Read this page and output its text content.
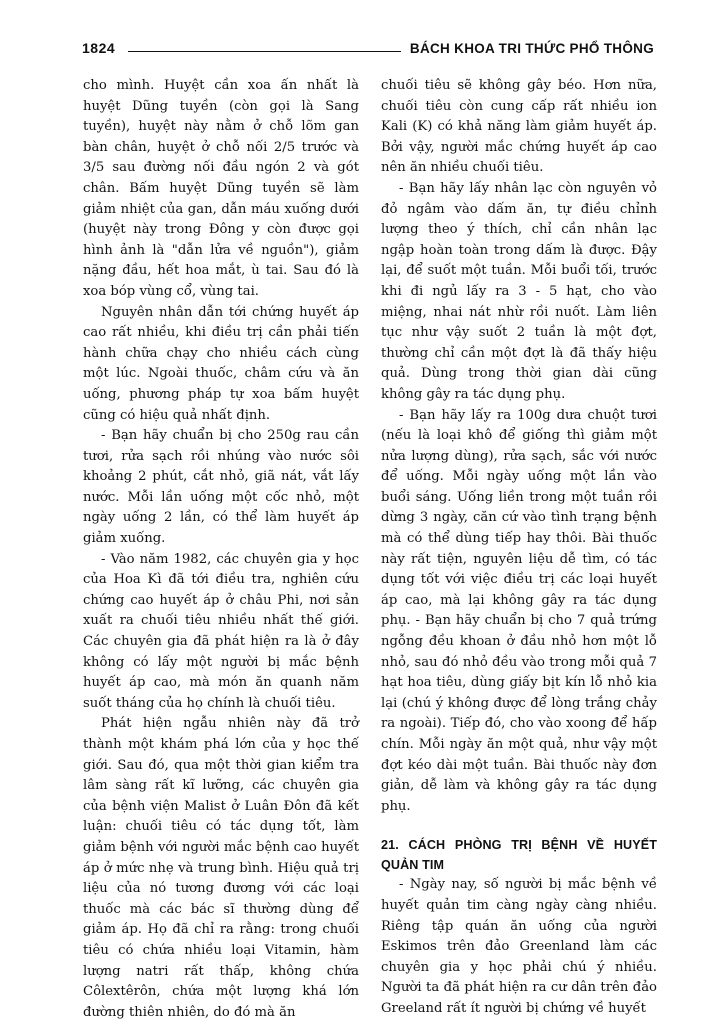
1824	BÁCH KHOA TRI THỨC PHỔ THÔNG

cho mình. Huyệt cần xoa ấn nhất là huyệt Dũng tuyền (còn gọi là Sang tuyền), huyệt này nằm ở chỗ lõm gan bàn chân, huyệt ở chỗ nối 2/5 trước và 3/5 sau đường nối đầu ngón 2 và gót chân. Bấm huyệt Dũng tuyền sẽ làm giảm nhiệt của gan, dẫn máu xuống dưới (huyệt này trong Đông y còn được gọi hình ảnh là "dẫn lửa về nguồn"), giảm nặng đầu, hết hoa mắt, ù tai. Sau đó là xoa bóp vùng cổ, vùng tai.

Nguyên nhân dẫn tới chứng huyết áp cao rất nhiều, khi điều trị cần phải tiến hành chữa chạy cho nhiều cách cùng một lúc. Ngoài thuốc, châm cứu và ăn uống, phương pháp tự xoa bấm huyệt cũng có hiệu quả nhất định.

- Bạn hãy chuẩn bị cho 250g rau cần tươi, rửa sạch rồi nhúng vào nước sôi khoảng 2 phút, cắt nhỏ, giã nát, vắt lấy nước. Mỗi lần uống một cốc nhỏ, một ngày uống 2 lần, có thể làm huyết áp giảm xuống.

- Vào năm 1982, các chuyên gia y học của Hoa Kì đã tới điều tra, nghiên cứu chứng cao huyết áp ở châu Phi, nơi sản xuất ra chuối tiêu nhiều nhất thế giới. Các chuyên gia đã phát hiện ra là ở đây không có lấy một người bị mắc bệnh huyết áp cao, mà món ăn quanh năm suốt tháng của họ chính là chuối tiêu.

Phát hiện ngẫu nhiên này đã trở thành một khám phá lớn của y học thế giới. Sau đó, qua một thời gian kiểm tra lâm sàng rất kĩ lưỡng, các chuyên gia của bệnh viện Malist ở Luân Đôn đã kết luận: chuối tiêu có tác dụng tốt, làm giảm bệnh với người mắc bệnh cao huyết áp ở mức nhẹ và trung bình. Hiệu quả trị liệu của nó tương đương với các loại thuốc mà các bác sĩ thường dùng để giảm áp. Họ đã chỉ ra rằng: trong chuối tiêu có chứa nhiều loại Vitamin, hàm lượng natri rất thấp, không chứa Côlextêrôn, chứa một lượng khá lớn đường thiên nhiên, do đó mà ăn

chuối tiêu sẽ không gây béo. Hơn nữa, chuối tiêu còn cung cấp rất nhiều ion Kali (K) có khả năng làm giảm huyết áp. Bởi vậy, người mắc chứng huyết áp cao nên ăn nhiều chuối tiêu.

- Bạn hãy lấy nhân lạc còn nguyên vỏ đỏ ngâm vào dấm ăn, tự điều chỉnh lượng theo ý thích, chỉ cần nhân lạc ngập hoàn toàn trong dấm là được. Đậy lại, để suốt một tuần. Mỗi buổi tối, trước khi đi ngủ lấy ra 3 - 5 hạt, cho vào miệng, nhai nát nhừ rồi nuốt. Làm liên tục như vậy suốt 2 tuần là một đợt, thường chỉ cần một đợt là đã thấy hiệu quả. Dùng trong thời gian dài cũng không gây ra tác dụng phụ.

- Bạn hãy lấy ra 100g dưa chuột tươi (nếu là loại khô để giống thì giảm một nửa lượng dùng), rửa sạch, sắc với nước để uống. Mỗi ngày uống một lần vào buổi sáng. Uống liền trong một tuần rồi dừng 3 ngày, căn cứ vào tình trạng bệnh mà có thể dùng tiếp hay thôi. Bài thuốc này rất tiện, nguyên liệu dễ tìm, có tác dụng tốt với việc điều trị các loại huyết áp cao, mà lại không gây ra tác dụng phụ. - Bạn hãy chuẩn bị cho 7 quả trứng ngỗng đều khoan ở đầu nhỏ hơn một lỗ nhỏ, sau đó nhỏ đều vào trong mỗi quả 7 hạt hoa tiêu, dùng giấy bịt kín lỗ nhỏ kia lại (chú ý không được để lòng trắng chảy ra ngoài). Tiếp đó, cho vào xoong để hấp chín. Mỗi ngày ăn một quả, như vậy một đợt kéo dài một tuần. Bài thuốc này đơn giản, dễ làm và không gây ra tác dụng phụ.

21. CÁCH PHÒNG TRỊ BỆNH VỀ HUYẾT QUẢN TIM

- Ngày nay, số người bị mắc bệnh về huyết quản tim càng ngày càng nhiều. Riêng tập quán ăn uống của người Eskimos trên đảo Greenland làm các chuyên gia y học phải chú ý nhiều. Người ta đã phát hiện ra cư dân trên đảo Greeland rất ít người bị chứng về huyết
